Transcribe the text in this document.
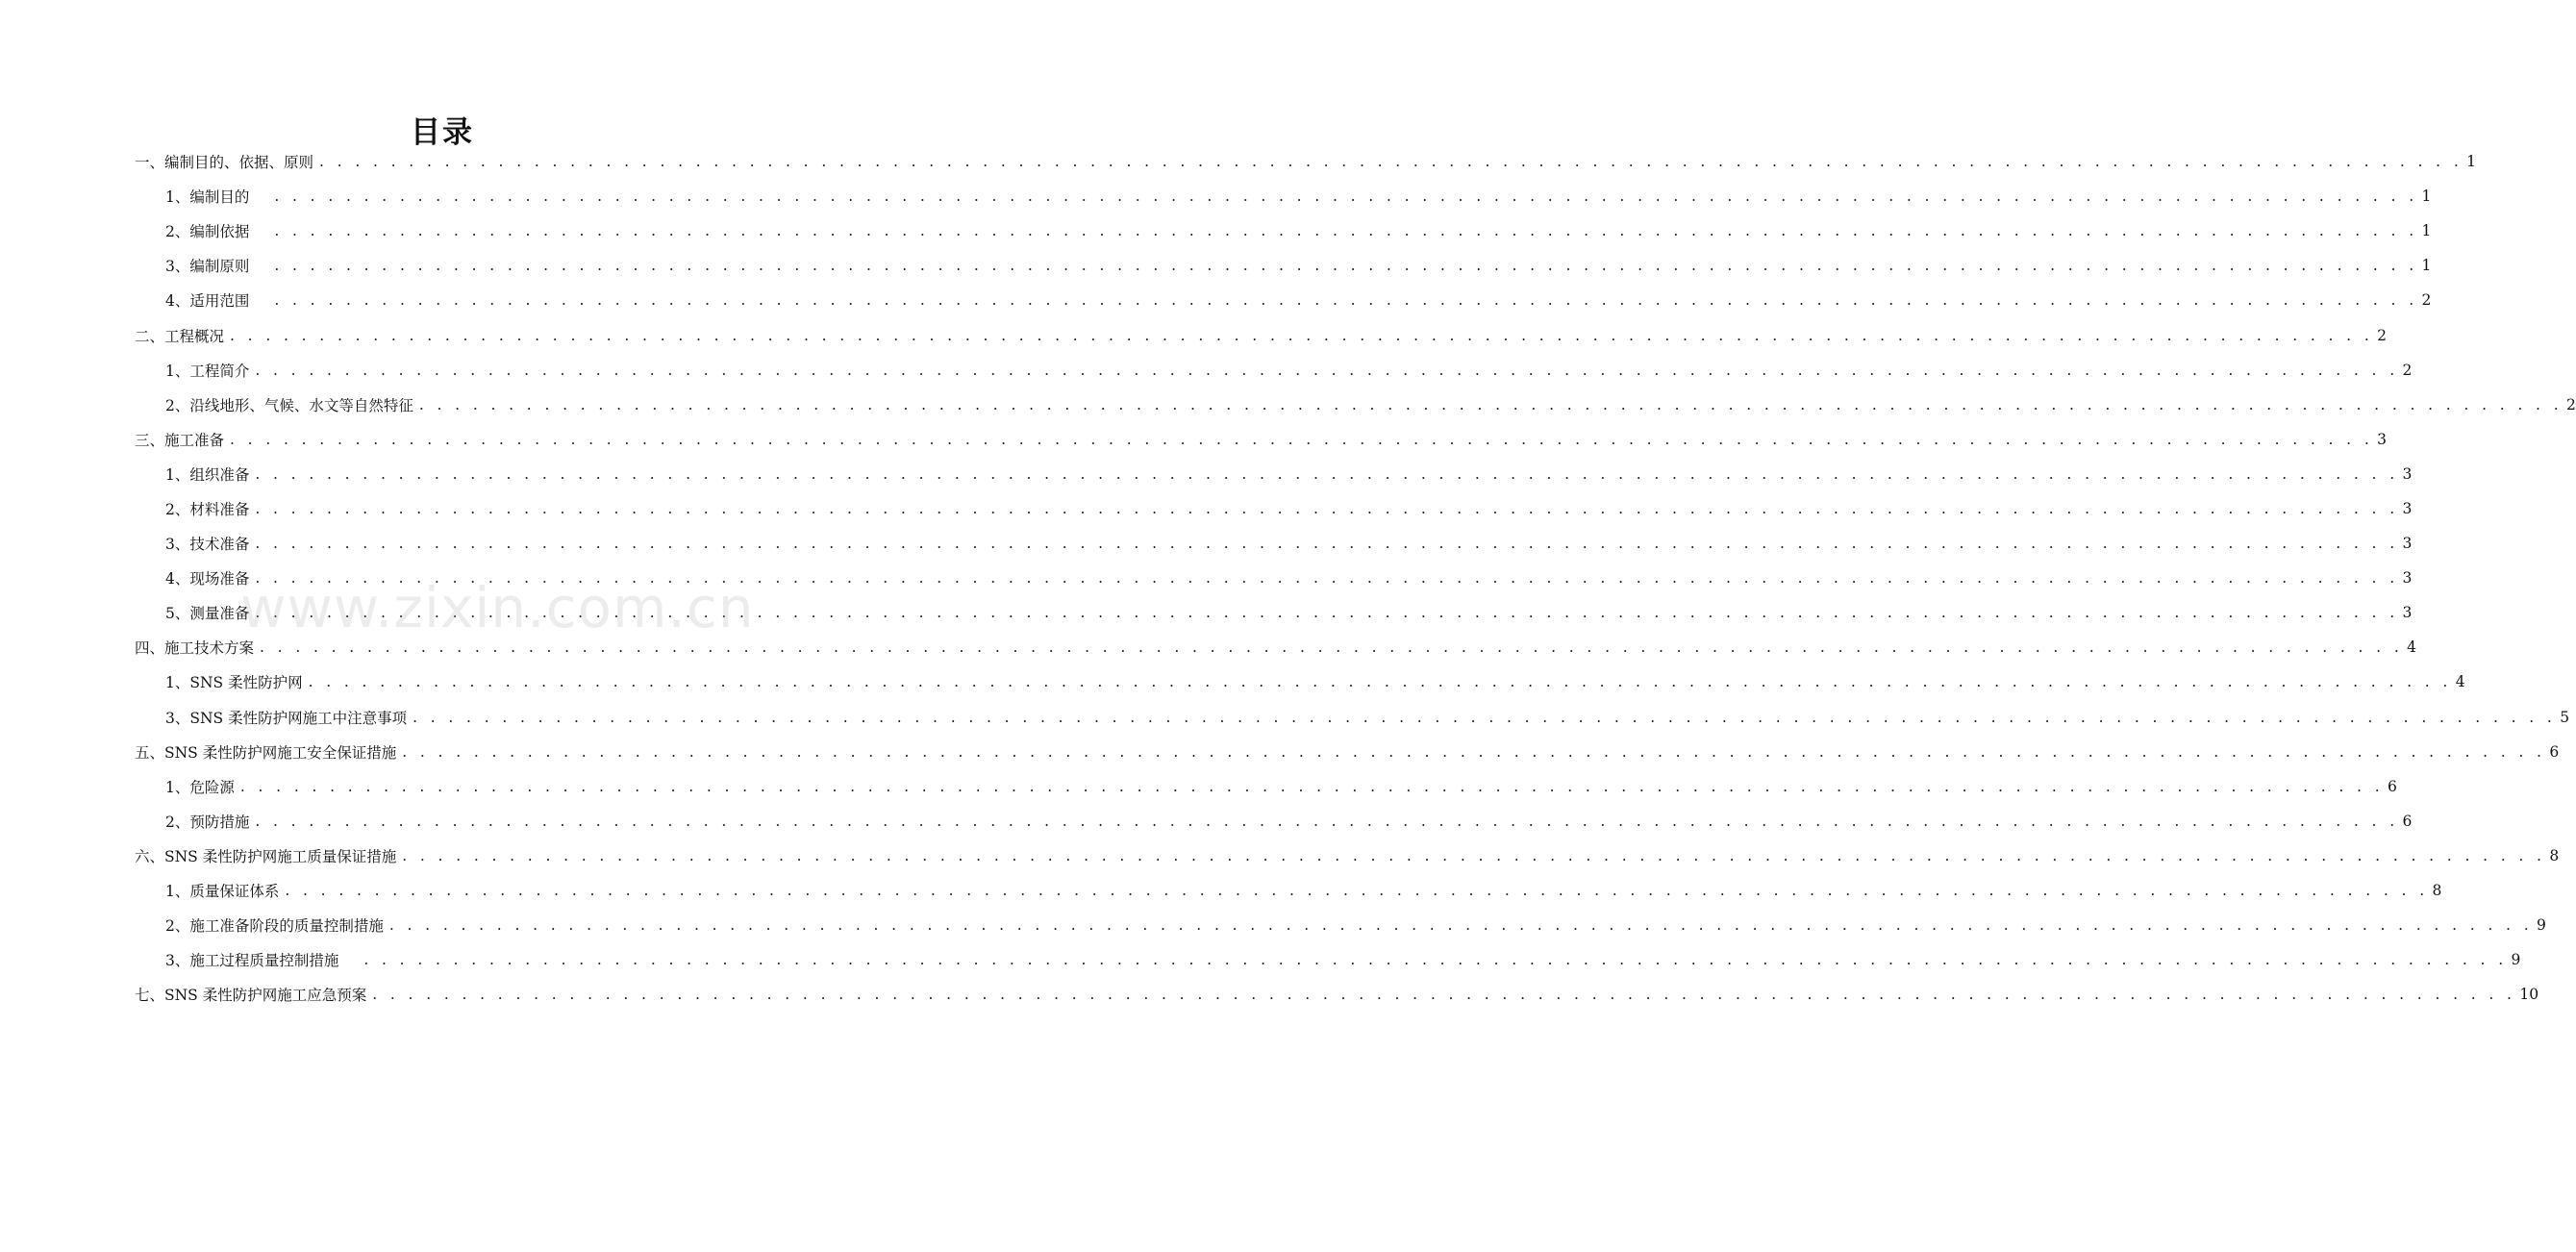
目录
一、编制目的、依据、原则 . . . . . . . . . . . . . . . . . . . . . . . . . . . . . . . . . . . . . . . . . . . . . . . . . . . . . . . . . . . . . . . . . . . . . . . . . . . . . . . . . . . . . . . . . . . . . . . . . . . . . . . . . . . . . . . . . . . . . . . . 1
1、编制目的 . . . . . . . . . . . . . . . . . . . . . . . . . . . . . . . . . . . . . . . . . . . . . . . . . . . . . . . . . . . . . . . . . . . . . . . . . . . . . . . . . . . . . . . . . . . . . . . . . . . . . . . . . . . . . . . . . . . . . . . . 1
2、编制依据 . . . . . . . . . . . . . . . . . . . . . . . . . . . . . . . . . . . . . . . . . . . . . . . . . . . . . . . . . . . . . . . . . . . . . . . . . . . . . . . . . . . . . . . . . . . . . . . . . . . . . . . . . . . . . . . . . . . . . . . . 1
3、编制原则 . . . . . . . . . . . . . . . . . . . . . . . . . . . . . . . . . . . . . . . . . . . . . . . . . . . . . . . . . . . . . . . . . . . . . . . . . . . . . . . . . . . . . . . . . . . . . . . . . . . . . . . . . . . . . . . . . . . . . . . . 1
4、适用范围 . . . . . . . . . . . . . . . . . . . . . . . . . . . . . . . . . . . . . . . . . . . . . . . . . . . . . . . . . . . . . . . . . . . . . . . . . . . . . . . . . . . . . . . . . . . . . . . . . . . . . . . . . . . . . . . . . . . . . . . . 2
二、工程概况 . . . . . . . . . . . . . . . . . . . . . . . . . . . . . . . . . . . . . . . . . . . . . . . . . . . . . . . . . . . . . . . . . . . . . . . . . . . . . . . . . . . . . . . . . . . . . . . . . . . . . . . . . . . . . . . . . . . . . . . . 2
1、工程简介 . . . . . . . . . . . . . . . . . . . . . . . . . . . . . . . . . . . . . . . . . . . . . . . . . . . . . . . . . . . . . . . . . . . . . . . . . . . . . . . . . . . . . . . . . . . . . . . . . . . . . . . . . . . . . . . . . . . . . . . . 2
2、沿线地形、气候、水文等自然特征 . . . . . . . . . . . . . . . . . . . . . . . . . . . . . . . . . . . . . . . . . . . . . . . . . . . . . . . . . . . . . . . . . . . . . . . . . . . . . . . . . . . . . . . . . . . . . . . . . . . . . . . . . . . . . . . . . . . . . . . . 2
三、施工准备 . . . . . . . . . . . . . . . . . . . . . . . . . . . . . . . . . . . . . . . . . . . . . . . . . . . . . . . . . . . . . . . . . . . . . . . . . . . . . . . . . . . . . . . . . . . . . . . . . . . . . . . . . . . . . . . . . . . . . . . . 3
1、组织准备 . . . . . . . . . . . . . . . . . . . . . . . . . . . . . . . . . . . . . . . . . . . . . . . . . . . . . . . . . . . . . . . . . . . . . . . . . . . . . . . . . . . . . . . . . . . . . . . . . . . . . . . . . . . . . . . . . . . . . . . . 3
2、材料准备 . . . . . . . . . . . . . . . . . . . . . . . . . . . . . . . . . . . . . . . . . . . . . . . . . . . . . . . . . . . . . . . . . . . . . . . . . . . . . . . . . . . . . . . . . . . . . . . . . . . . . . . . . . . . . . . . . . . . . . . . 3
3、技术准备 . . . . . . . . . . . . . . . . . . . . . . . . . . . . . . . . . . . . . . . . . . . . . . . . . . . . . . . . . . . . . . . . . . . . . . . . . . . . . . . . . . . . . . . . . . . . . . . . . . . . . . . . . . . . . . . . . . . . . . . . 3
4、现场准备 . . . . . . . . . . . . . . . . . . . . . . . . . . . . . . . . . . . . . . . . . . . . . . . . . . . . . . . . . . . . . . . . . . . . . . . . . . . . . . . . . . . . . . . . . . . . . . . . . . . . . . . . . . . . . . . . . . . . . . . . 3
5、测量准备 . . . . . . . . . . . . . . . . . . . . . . . . . . . . . . . . . . . . . . . . . . . . . . . . . . . . . . . . . . . . . . . . . . . . . . . . . . . . . . . . . . . . . . . . . . . . . . . . . . . . . . . . . . . . . . . . . . . . . . . . 3
四、施工技术方案 . . . . . . . . . . . . . . . . . . . . . . . . . . . . . . . . . . . . . . . . . . . . . . . . . . . . . . . . . . . . . . . . . . . . . . . . . . . . . . . . . . . . . . . . . . . . . . . . . . . . . . . . . . . . . . . . . . . . . . . . 4
1、SNS 柔性防护网 . . . . . . . . . . . . . . . . . . . . . . . . . . . . . . . . . . . . . . . . . . . . . . . . . . . . . . . . . . . . . . . . . . . . . . . . . . . . . . . . . . . . . . . . . . . . . . . . . . . . . . . . . . . . . . . . . . . . . . . . 4
3、SNS 柔性防护网施工中注意事项 . . . . . . . . . . . . . . . . . . . . . . . . . . . . . . . . . . . . . . . . . . . . . . . . . . . . . . . . . . . . . . . . . . . . . . . . . . . . . . . . . . . . . . . . . . . . . . . . . . . . . . . . . . . . . . . . . . . . . . . . 5
五、SNS 柔性防护网施工安全保证措施 . . . . . . . . . . . . . . . . . . . . . . . . . . . . . . . . . . . . . . . . . . . . . . . . . . . . . . . . . . . . . . . . . . . . . . . . . . . . . . . . . . . . . . . . . . . . . . . . . . . . . . . . . . . . . . . . . . . . . . . . 6
1、危险源 . . . . . . . . . . . . . . . . . . . . . . . . . . . . . . . . . . . . . . . . . . . . . . . . . . . . . . . . . . . . . . . . . . . . . . . . . . . . . . . . . . . . . . . . . . . . . . . . . . . . . . . . . . . . . . . . . . . . . . . . 6
2、预防措施 . . . . . . . . . . . . . . . . . . . . . . . . . . . . . . . . . . . . . . . . . . . . . . . . . . . . . . . . . . . . . . . . . . . . . . . . . . . . . . . . . . . . . . . . . . . . . . . . . . . . . . . . . . . . . . . . . . . . . . . . 6
六、SNS 柔性防护网施工质量保证措施 . . . . . . . . . . . . . . . . . . . . . . . . . . . . . . . . . . . . . . . . . . . . . . . . . . . . . . . . . . . . . . . . . . . . . . . . . . . . . . . . . . . . . . . . . . . . . . . . . . . . . . . . . . . . . . . . . . . . . . . . 8
1、质量保证体系 . . . . . . . . . . . . . . . . . . . . . . . . . . . . . . . . . . . . . . . . . . . . . . . . . . . . . . . . . . . . . . . . . . . . . . . . . . . . . . . . . . . . . . . . . . . . . . . . . . . . . . . . . . . . . . . . . . . . . . . . 8
2、施工准备阶段的质量控制措施 . . . . . . . . . . . . . . . . . . . . . . . . . . . . . . . . . . . . . . . . . . . . . . . . . . . . . . . . . . . . . . . . . . . . . . . . . . . . . . . . . . . . . . . . . . . . . . . . . . . . . . . . . . . . . . . . . . . . . . . . 9
3、施工过程质量控制措施 . . . . . . . . . . . . . . . . . . . . . . . . . . . . . . . . . . . . . . . . . . . . . . . . . . . . . . . . . . . . . . . . . . . . . . . . . . . . . . . . . . . . . . . . . . . . . . . . . . . . . . . . . . . . . . . . . . . . . . . . 9
七、SNS 柔性防护网施工应急预案 . . . . . . . . . . . . . . . . . . . . . . . . . . . . . . . . . . . . . . . . . . . . . . . . . . . . . . . . . . . . . . . . . . . . . . . . . . . . . . . . . . . . . . . . . . . . . . . . . . . . . . . . . . . . . . . . . . . . . . . . 10
www.zixin.com.cn
